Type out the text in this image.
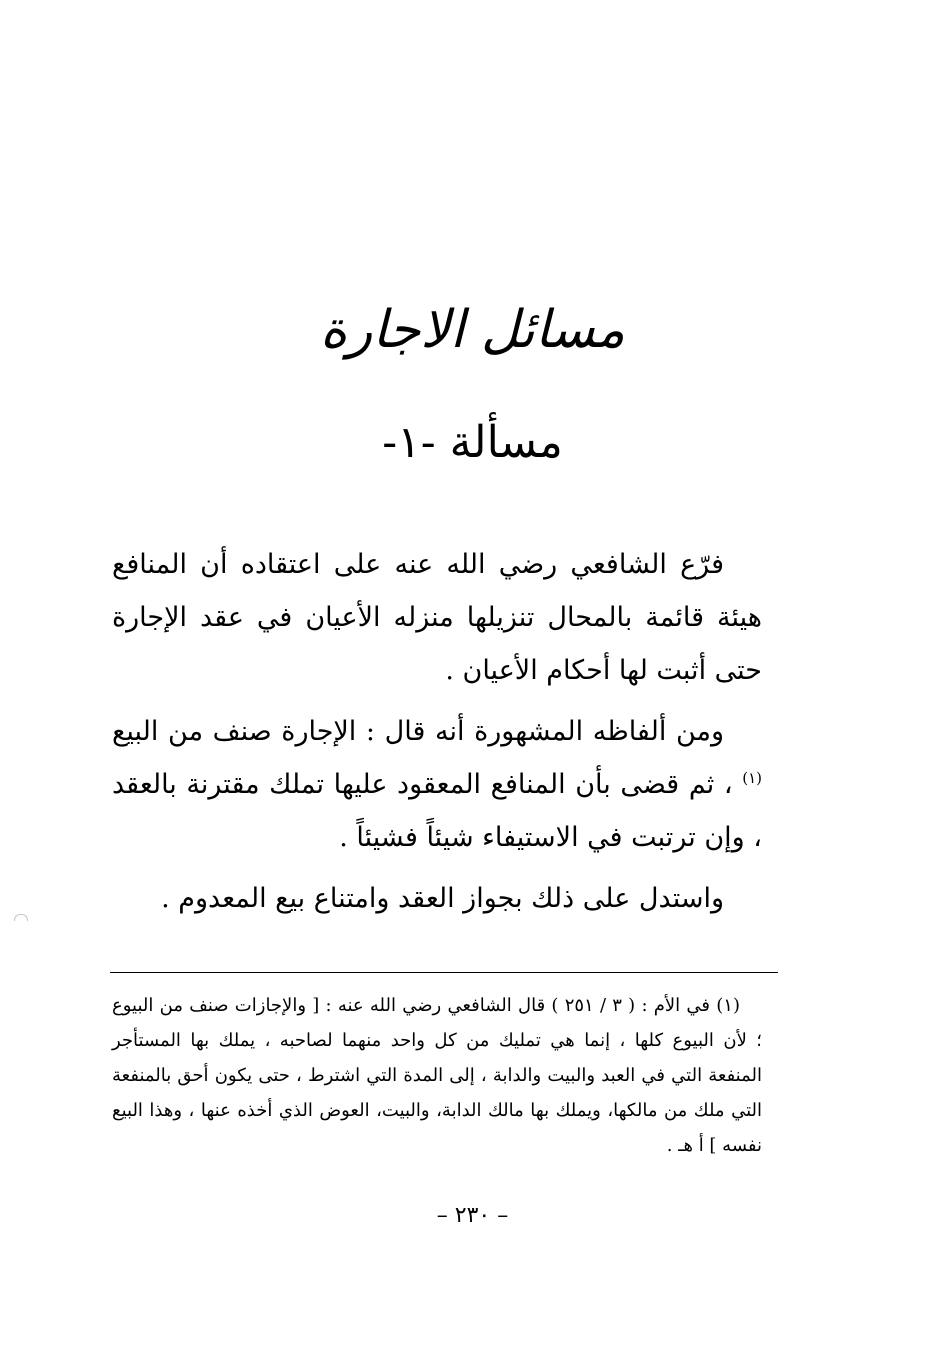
مسائل الاجارة
مسألة -١-

فرّع الشافعي رضي الله عنه على اعتقاده أن المنافع هيئة قائمة بالمحال تنزيلها منزله الأعيان في عقد الإجارة حتى أثبت لها أحكام الأعيان .

ومن ألفاظه المشهورة أنه قال : الإجارة صنف من البيع $^{(١)}$ ، ثم قضى بأن المنافع المعقود عليها تملك مقترنة بالعقد ، وإن ترتبت في الاستيفاء شيئاً فشيئاً .

واستدل على ذلك بجواز العقد وامتناع بيع المعدوم .

(١) في الأم : ( ٣ / ٢٥١ ) قال الشافعي رضي الله عنه : [ والإجازات صنف من البيوع ؛ لأن البيوع كلها ، إنما هي تمليك من كل واحد منهما لصاحبه ، يملك بها المستأجر المنفعة التي في العبد والبيت والدابة ، إلى المدة التي اشترط ، حتى يكون أحق بالمنفعة التي ملك من مالكها، ويملك بها مالك الدابة، والبيت، العوض الذي أخذه عنها ، وهذا البيع نفسه ] أ هـ .

– ٢٣٠ –
